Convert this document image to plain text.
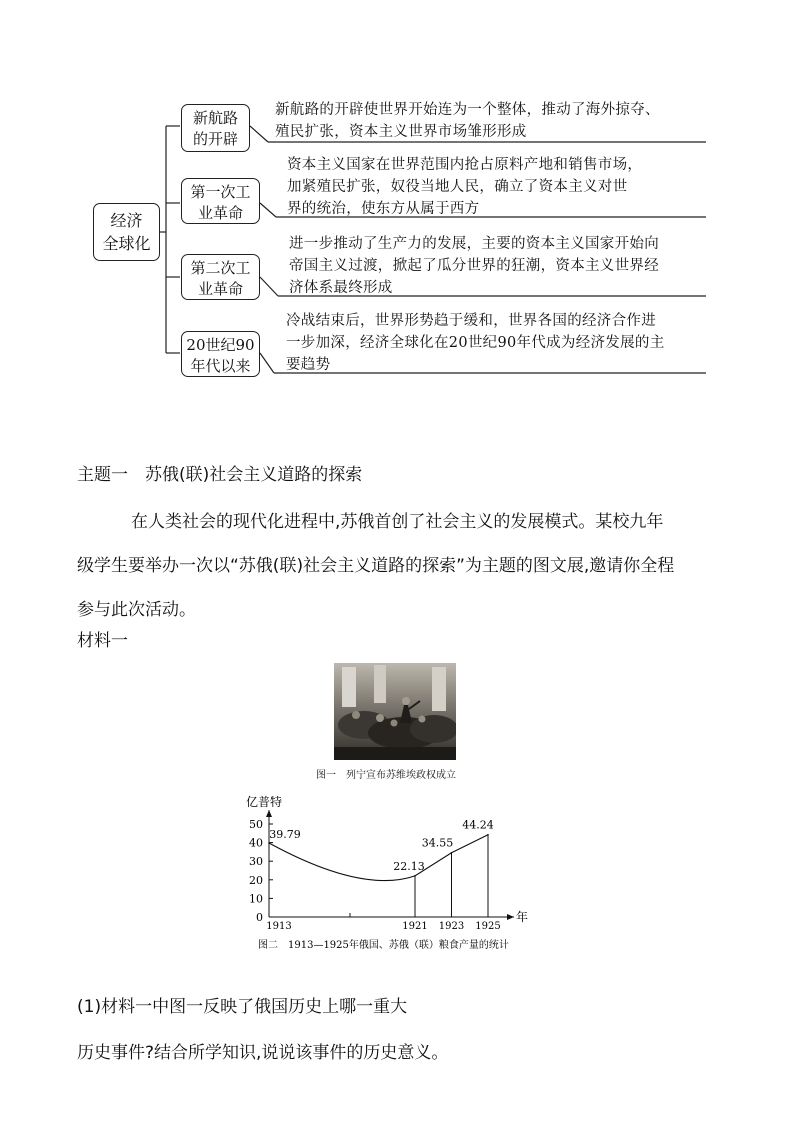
经济
全球化
新航路
的开辟
新航路的开辟使世界开始连为一个整体，推动了海外掠夺、
殖民扩张，资本主义世界市场雏形形成
第一次工
业革命
资本主义国家在世界范围内抢占原料产地和销售市场，
加紧殖民扩张，奴役当地人民，确立了资本主义对世
界的统治，使东方从属于西方
第二次工
业革命
进一步推动了生产力的发展，主要的资本主义国家开始向
帝国主义过渡，掀起了瓜分世界的狂潮，资本主义世界经
济体系最终形成
20世纪90
年代以来
冷战结束后，世界形势趋于缓和，世界各国的经济合作进
一步加深，经济全球化在20世纪90年代成为经济发展的主
要趋势
主题一　苏俄(联)社会主义道路的探索
在人类社会的现代化进程中,苏俄首创了社会主义的发展模式。某校九年
级学生要举办一次以“苏俄(联)社会主义道路的探索”为主题的图文展,邀请你全程
参与此次活动。
材料一
图一　列宁宣布苏维埃政权成立
0
10
20
30
40
50
1913	1921 1923 1925
39.79
22.13
34.55
44.24
亿普特
年
图二　1913—1925年俄国、苏俄（联）粮食产量的统计
(1)材料一中图一反映了俄国历史上哪一重大
历史事件?结合所学知识,说说该事件的历史意义。
